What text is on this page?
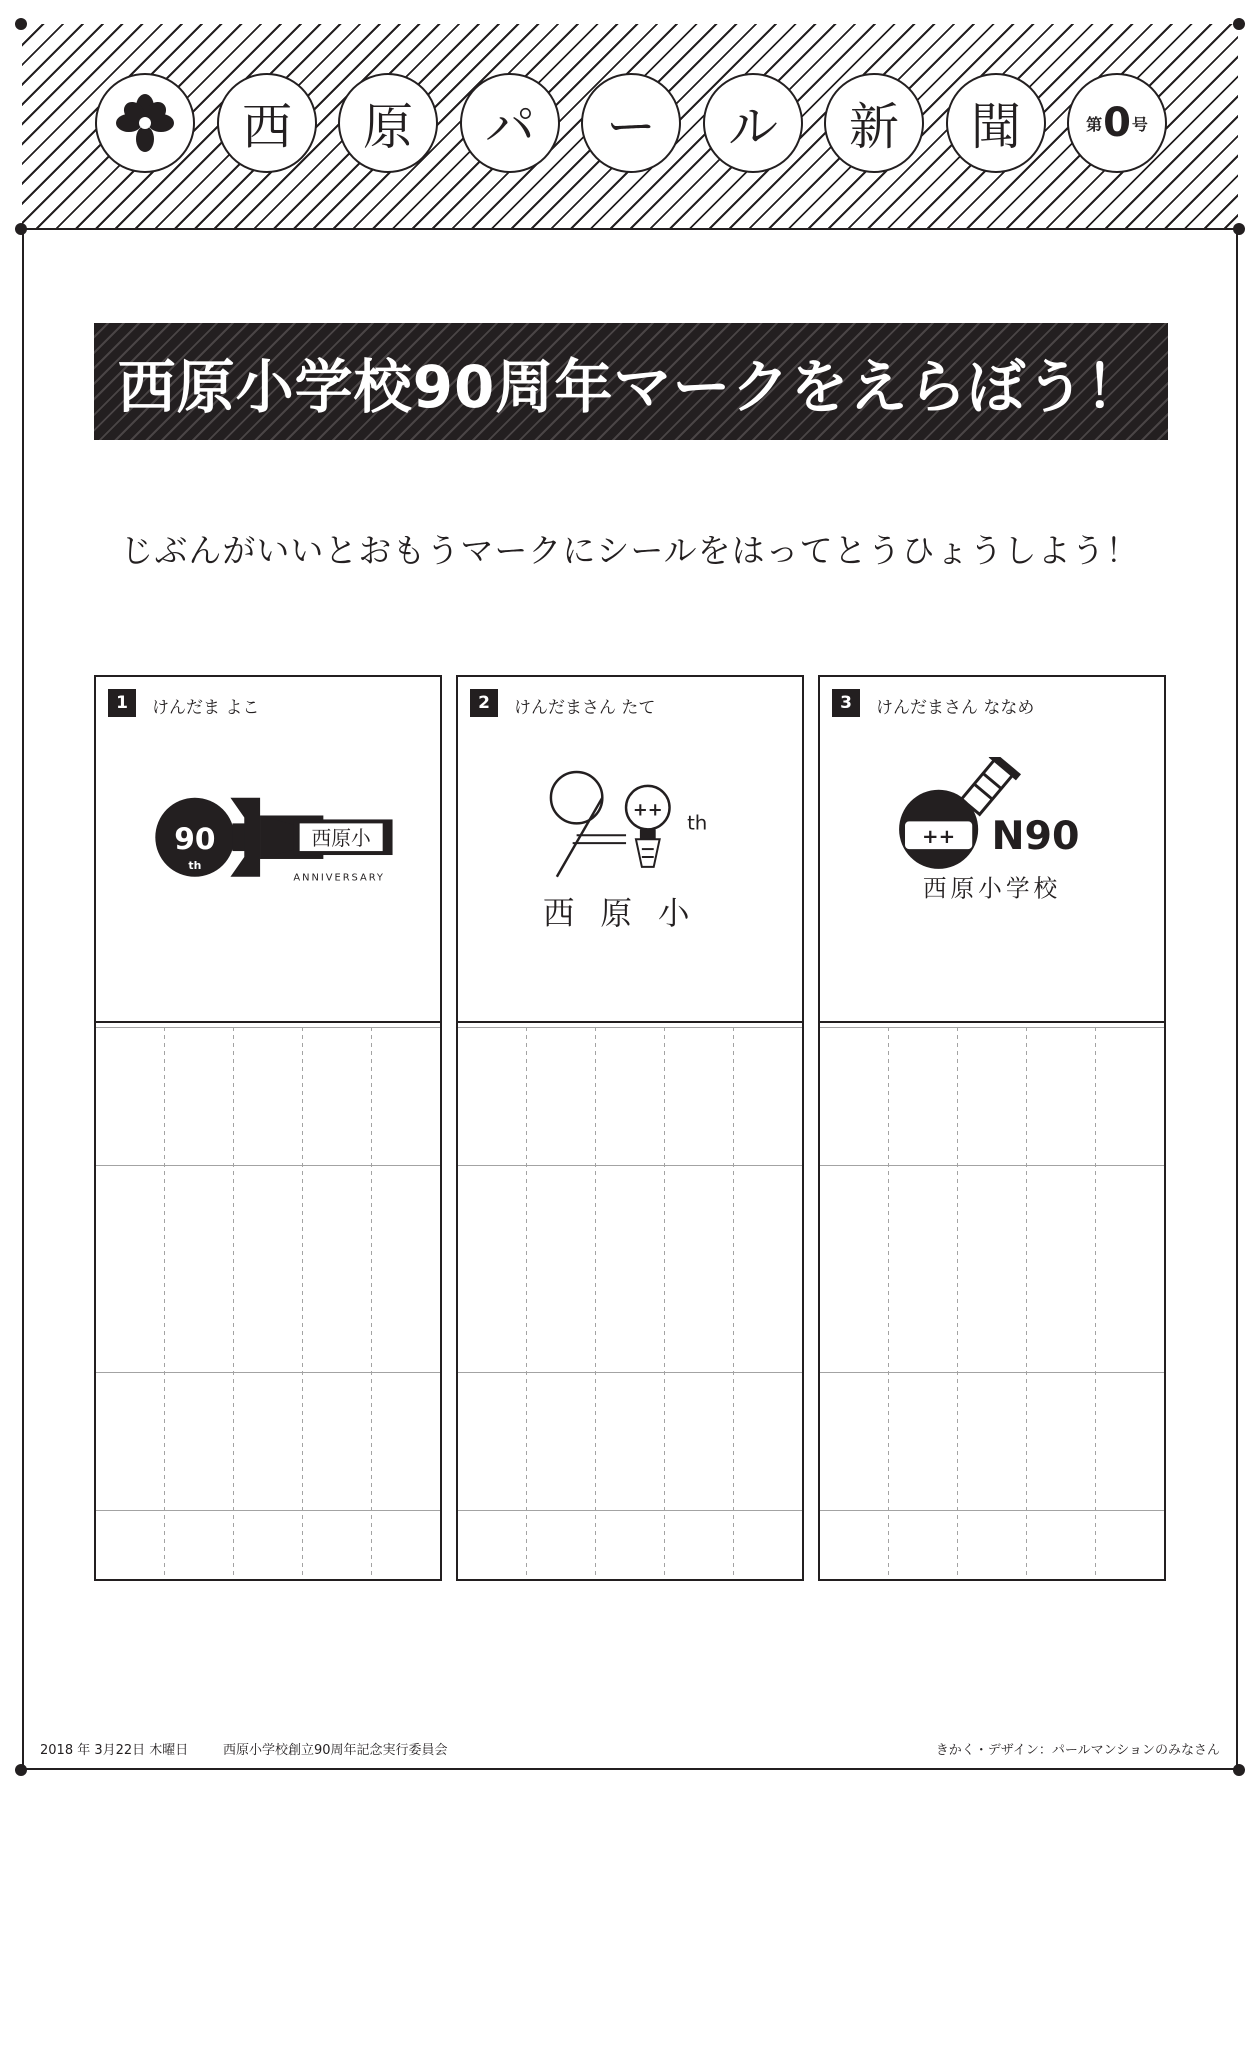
西	原	パ	ー	ル	新	聞	第 0 号
西原小学校90周年マークをえらぼう！
じぶんがいいとおもうマークにシールをはってとうひょうしよう！
1	けんだま よこ
90
th
西原小
ANNIVERSARY
2	けんだまさん たて
++
th
西 原 小
3	けんだまさん ななめ
++ N90
西原小学校
2018 年 3月22日 木曜日	西原小学校創立90周年記念実行委員会	きかく・デザイン：パールマンションのみなさん
